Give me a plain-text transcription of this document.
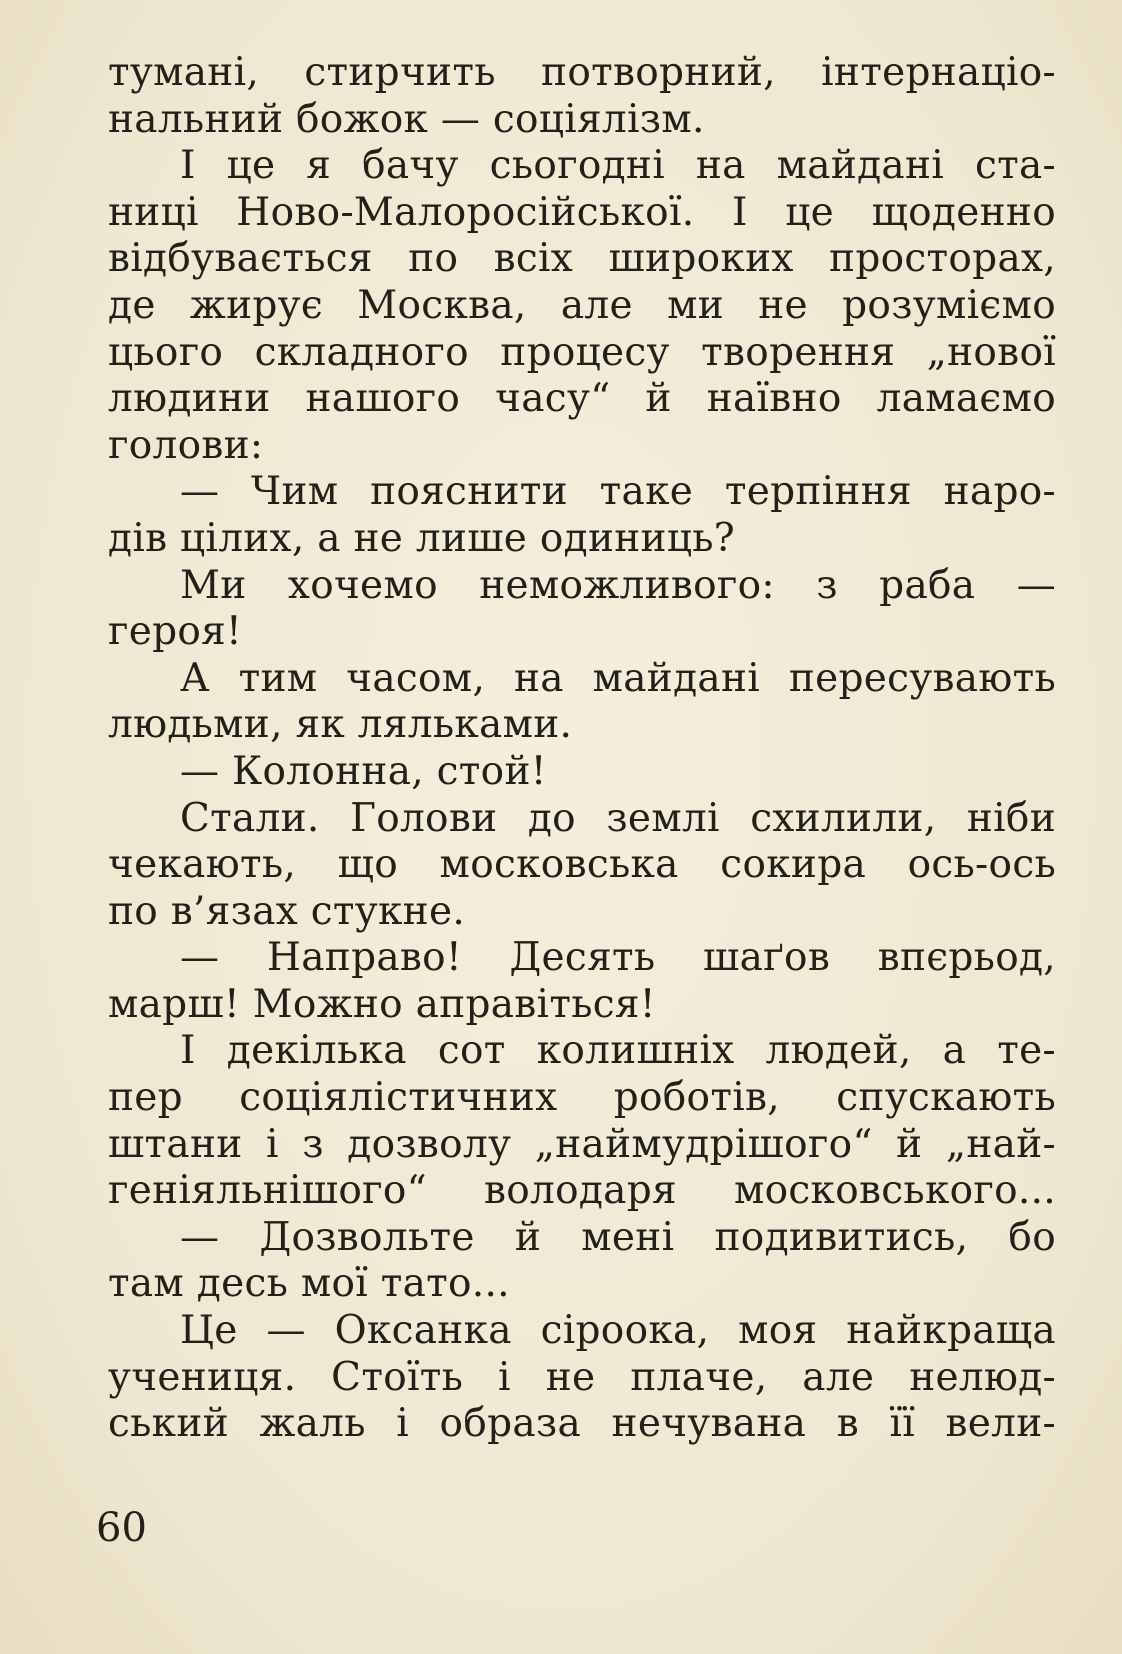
тумані, стирчить потворний, інтернаціо-
нальний божок — соціялізм.
І це я бачу сьогодні на майдані ста-
ниці Ново-Малоросійської. І це щоденно
відбувається по всіх широких просторах,
де жирує Москва, але ми не розуміємо
цього складного процесу творення „нової
людини нашого часу“ й наївно ламаємо
голови:
— Чим пояснити таке терпіння наро-
дів цілих, а не лише одиниць?
Ми хочемо неможливого: з раба —
героя!
А тим часом, на майдані пересувають
людьми, як ляльками.
— Колонна, стой!
Стали. Голови до землі схилили, ніби
чекають, що московська сокира ось-ось
по в’язах стукне.
— Направо! Десять шаґов впєрьод,
марш! Можно аправіться!
І декілька сот колишніх людей, а те-
пер соціялістичних роботів, спускають
штани і з дозволу „наймудрішого“ й „най-
геніяльнішого“ володаря московського...
— Дозвольте й мені подивитись, бо
там десь мої тато...
Це — Оксанка сіроока, моя найкраща
учениця. Стоїть і не плаче, але нелюд-
ський жаль і образа нечувана в її вели-
60
